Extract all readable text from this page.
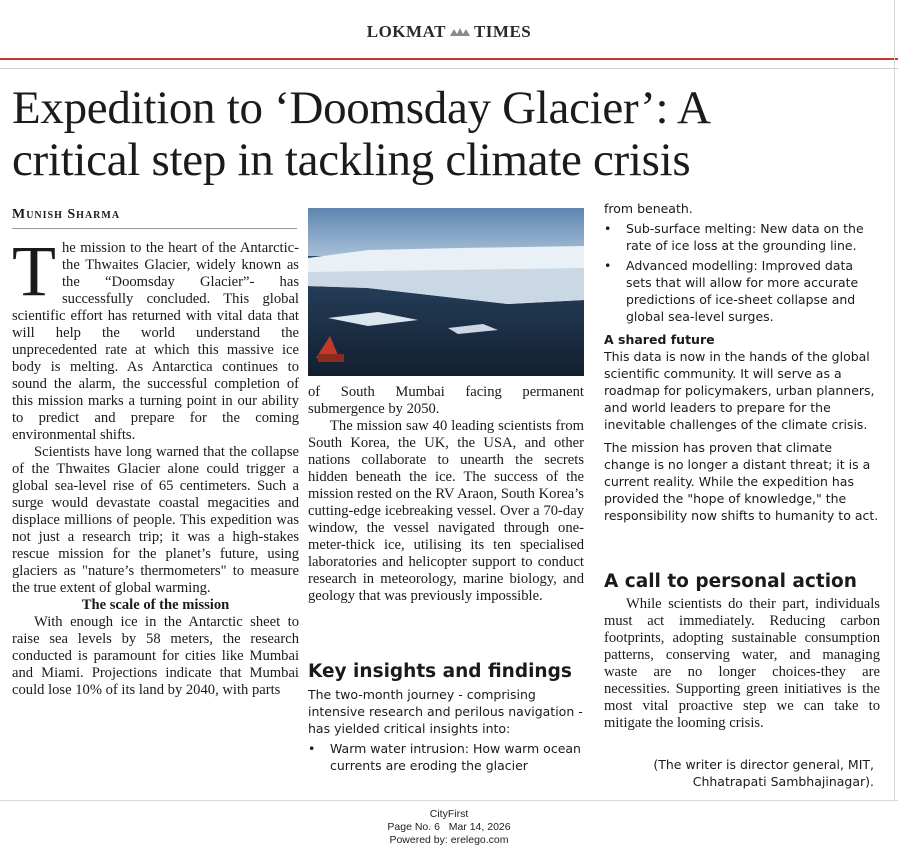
LOKMAT TIMES
Expedition to ‘Doomsday Glacier’: A
critical step in tackling climate crisis
Munish Sharma

The mission to the heart of the Antarctic-the Thwaites Glacier, widely known as the “Doomsday Glacier”- has successfully concluded. This global scientific effort has returned with vital data that will help the world understand the unprecedented rate at which this massive ice body is melting. As Antarctica continues to sound the alarm, the successful completion of this mission marks a turning point in our ability to predict and prepare for the coming environmental shifts.

Scientists have long warned that the collapse of the Thwaites Glacier alone could trigger a global sea-level rise of 65 centimeters. Such a surge would devastate coastal megacities and displace millions of people. This expedition was not just a research trip; it was a high-stakes rescue mission for the planet’s future, using glaciers as "nature’s thermometers" to measure the true extent of global warming.

The scale of the mission

With enough ice in the Antarctic sheet to raise sea levels by 58 meters, the research conducted is paramount for cities like Mumbai and Miami. Projections indicate that Mumbai could lose 10% of its land by 2040, with parts

of South Mumbai facing permanent submergence by 2050.

The mission saw 40 leading scientists from South Korea, the UK, the USA, and other nations collaborate to unearth the secrets hidden beneath the ice. The success of the mission rested on the RV Araon, South Korea’s cutting-edge icebreaking vessel. Over a 70-day window, the vessel navigated through one-meter-thick ice, utilising its ten specialised laboratories and helicopter support to conduct research in meteorology, marine biology, and geology that was previously impossible.

Key insights and findings

The two-month journey - comprising intensive research and perilous navigation - has yielded critical insights into:

•	Warm water intrusion: How warm ocean currents are eroding the glacier

from beneath.

•	Sub-surface melting: New data on the rate of ice loss at the grounding line.
•	Advanced modelling: Improved data sets that will allow for more accurate predictions of ice-sheet collapse and global sea-level surges.

A shared future

This data is now in the hands of the global scientific community. It will serve as a roadmap for policymakers, urban planners, and world leaders to prepare for the inevitable challenges of the climate crisis.

The mission has proven that climate change is no longer a distant threat; it is a current reality. While the expedition has provided the "hope of knowledge," the responsibility now shifts to humanity to act.

A call to personal action

While scientists do their part, individuals must act immediately. Reducing carbon footprints, adopting sustainable consumption patterns, conserving water, and managing waste are no longer choices-they are necessities. Supporting green initiatives is the most vital proactive step we can take to mitigate the looming crisis.

(The writer is director general, MIT, Chhatrapati Sambhajinagar).
CityFirst
Page No. 6 Mar 14, 2026
Powered by: erelego.com
